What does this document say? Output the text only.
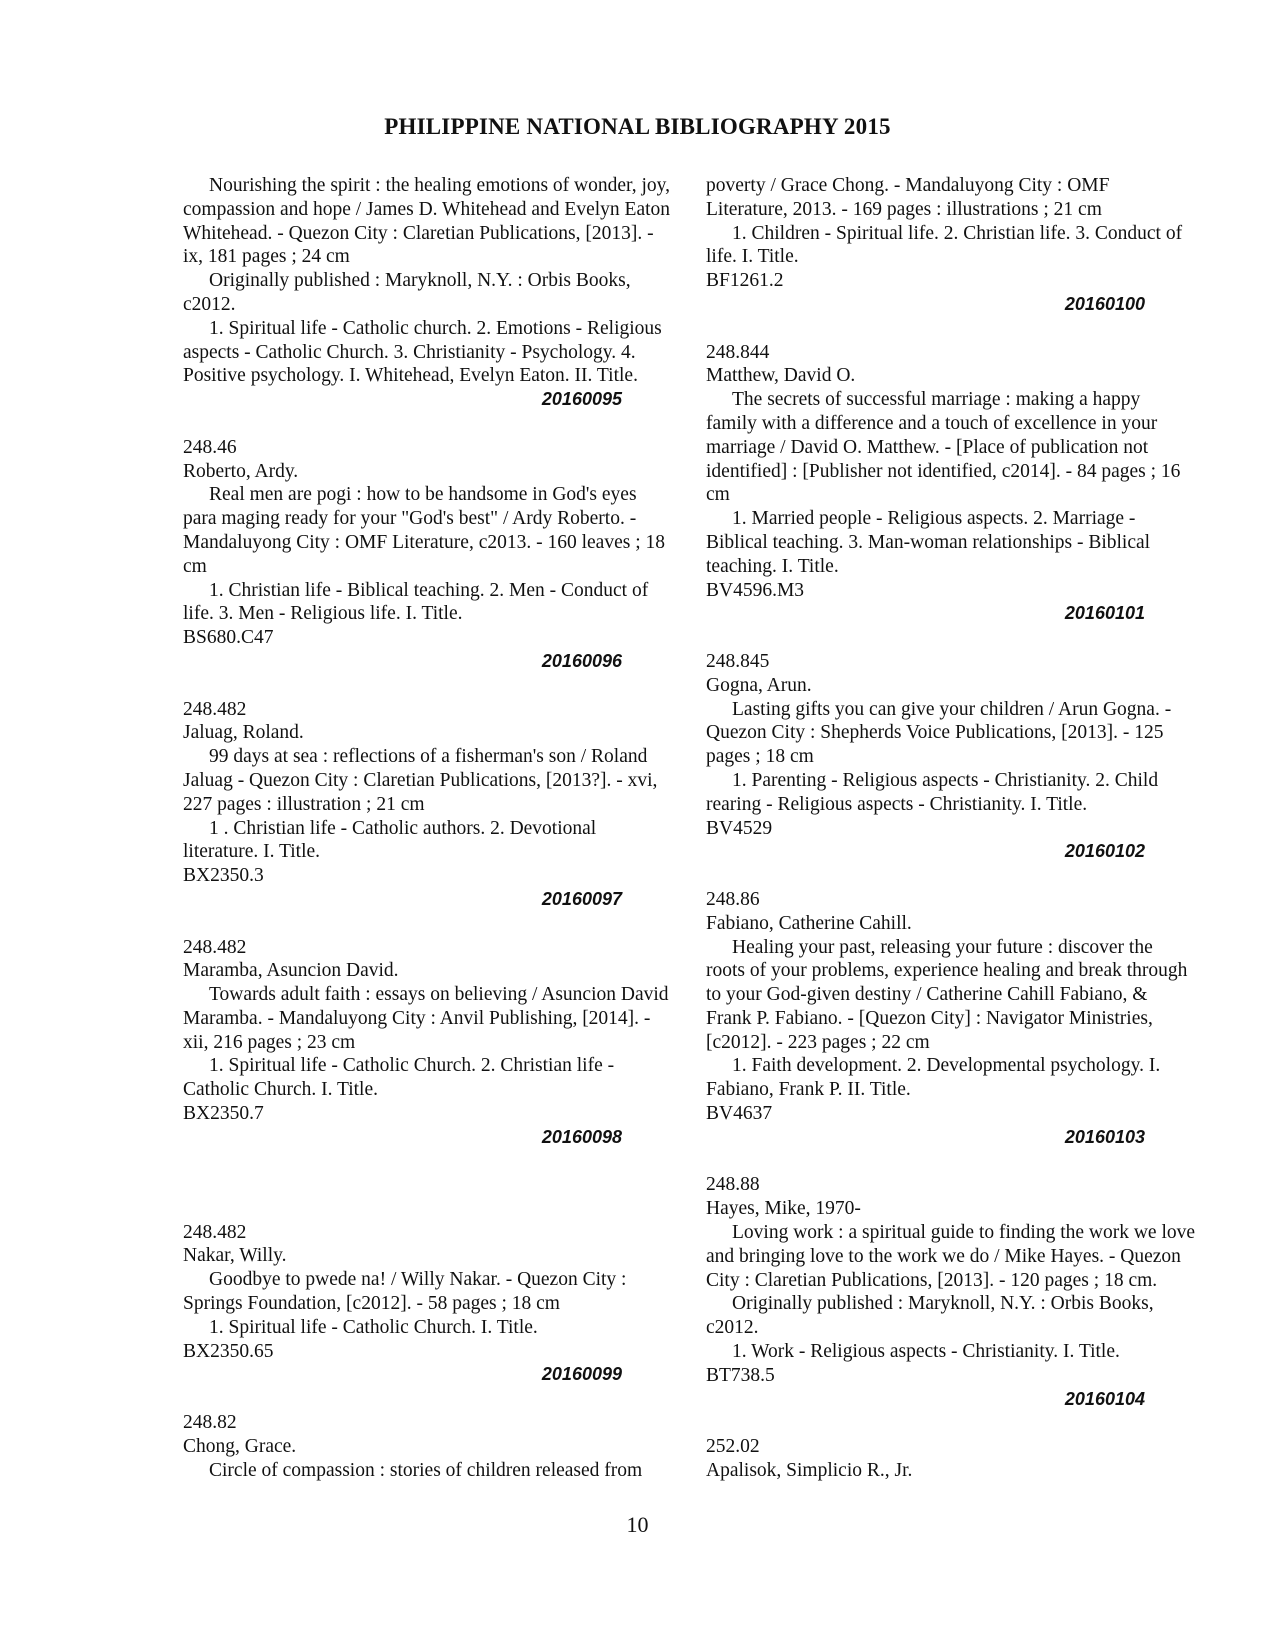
PHILIPPINE NATIONAL BIBLIOGRAPHY 2015

Nourishing the spirit : the healing emotions of wonder, joy, compassion and hope / James D. Whitehead and Evelyn Eaton Whitehead. - Quezon City : Claretian Publications, [2013]. - ix, 181 pages ; 24 cm

Originally published : Maryknoll, N.Y. : Orbis Books, c2012.

1. Spiritual life - Catholic church. 2. Emotions - Religious aspects - Catholic Church. 3. Christianity - Psychology. 4. Positive psychology. I. Whitehead, Evelyn Eaton. II. Title.

20160095

248.46

Roberto, Ardy.

Real men are pogi : how to be handsome in God's eyes para maging ready for your "God's best" / Ardy Roberto. - Mandaluyong City : OMF Literature, c2013. - 160 leaves ; 18 cm

1. Christian life - Biblical teaching. 2. Men - Conduct of life. 3. Men - Religious life. I. Title.

BS680.C47

20160096

248.482

Jaluag, Roland.

99 days at sea : reflections of a fisherman's son / Roland Jaluag - Quezon City : Claretian Publications, [2013?]. - xvi, 227 pages : illustration ; 21 cm

1 . Christian life - Catholic authors. 2. Devotional literature. I. Title.

BX2350.3

20160097

248.482

Maramba, Asuncion David.

Towards adult faith : essays on believing / Asuncion David Maramba. - Mandaluyong City : Anvil Publishing, [2014]. - xii, 216 pages ; 23 cm

1. Spiritual life - Catholic Church. 2. Christian life - Catholic Church. I. Title.

BX2350.7

20160098

248.482

Nakar, Willy.

Goodbye to pwede na! / Willy Nakar. - Quezon City : Springs Foundation, [c2012]. - 58 pages ; 18 cm

1. Spiritual life - Catholic Church. I. Title.

BX2350.65

20160099

248.82

Chong, Grace.

Circle of compassion : stories of children released from

poverty / Grace Chong. - Mandaluyong City : OMF Literature, 2013. - 169 pages : illustrations ; 21 cm

1. Children - Spiritual life. 2. Christian life. 3. Conduct of life. I. Title.

BF1261.2

20160100

248.844

Matthew, David O.

The secrets of successful marriage : making a happy family with a difference and a touch of excellence in your marriage / David O. Matthew. - [Place of publication not identified] : [Publisher not identified, c2014]. - 84 pages ; 16 cm

1. Married people - Religious aspects. 2. Marriage - Biblical teaching. 3. Man-woman relationships - Biblical teaching. I. Title.

BV4596.M3

20160101

248.845

Gogna, Arun.

Lasting gifts you can give your children / Arun Gogna. - Quezon City : Shepherds Voice Publications, [2013]. - 125 pages ; 18 cm

1. Parenting - Religious aspects - Christianity. 2. Child rearing - Religious aspects - Christianity. I. Title.

BV4529

20160102

248.86

Fabiano, Catherine Cahill.

Healing your past, releasing your future : discover the roots of your problems, experience healing and break through to your God-given destiny / Catherine Cahill Fabiano, & Frank P. Fabiano. - [Quezon City] : Navigator Ministries, [c2012]. - 223 pages ; 22 cm

1. Faith development. 2. Developmental psychology. I. Fabiano, Frank P. II. Title.

BV4637

20160103

248.88

Hayes, Mike, 1970-

Loving work : a spiritual guide to finding the work we love and bringing love to the work we do / Mike Hayes. - Quezon City : Claretian Publications, [2013]. - 120 pages ; 18 cm.

Originally published : Maryknoll, N.Y. : Orbis Books, c2012.

1. Work - Religious aspects - Christianity. I. Title.

BT738.5

20160104

252.02

Apalisok, Simplicio R., Jr.

10
